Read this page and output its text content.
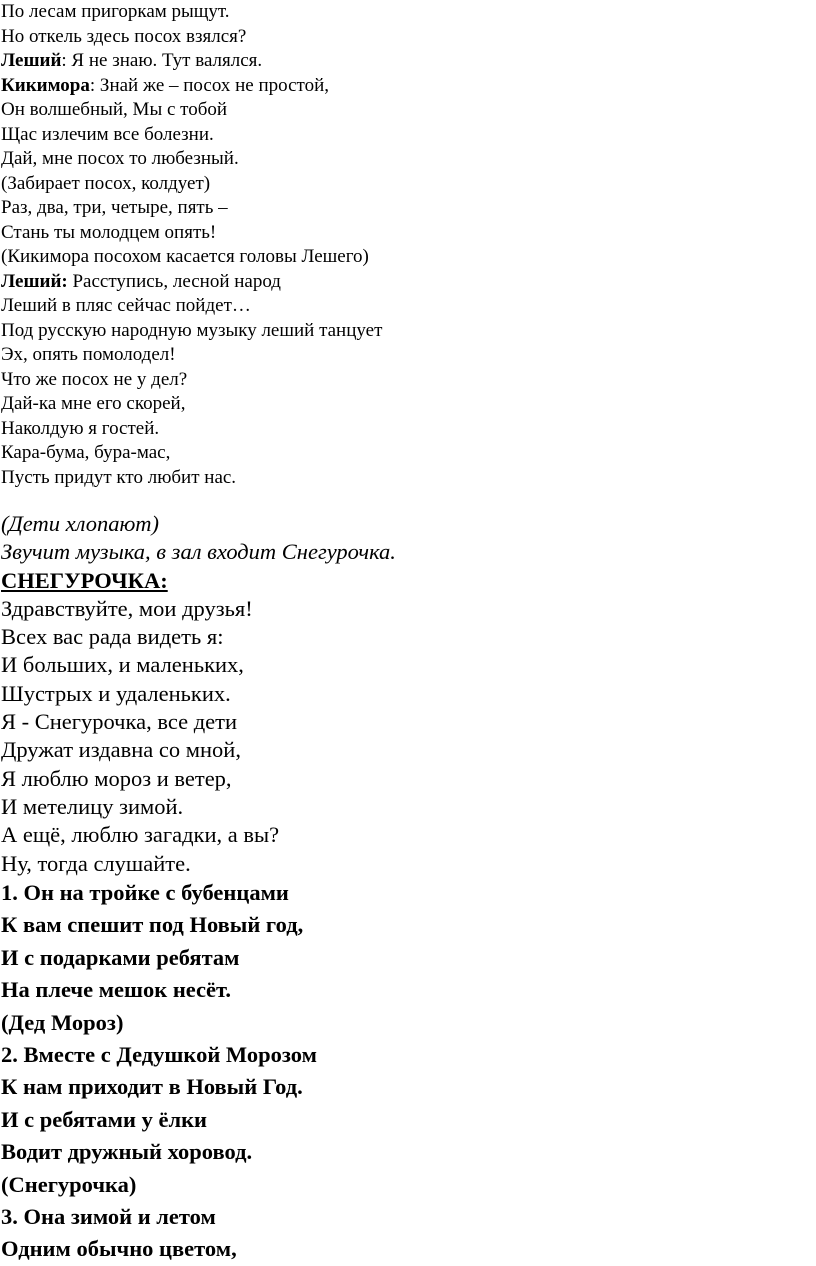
По лесам пригоркам рыщут.
Но откель здесь посох взялся?
Леший: Я не знаю. Тут валялся.
Кикимора: Знай же – посох не простой,
Он волшебный, Мы с тобой
Щас излечим все болезни.
Дай, мне посох то любезный.
(Забирает посох, колдует)
Раз, два, три, четыре, пять –
Стань ты молодцем опять!
(Кикимора посохом касается головы Лешего)
Леший: Расступись, лесной народ
Леший в пляс сейчас пойдет…
Под русскую народную музыку леший танцует
Эх, опять помолодел!
Что же посох не у дел?
Дай-ка мне его скорей,
Наколдую я гостей.
Кара-бума, бура-мас,
Пусть придут кто любит нас.
(Дети хлопают)
Звучит музыка, в зал входит Снегурочка.
СНЕГУРОЧКА:
Здравствуйте, мои друзья!
Всех вас рада видеть я:
И больших, и маленьких,
Шустрых и удаленьких.
Я - Снегурочка, все дети
Дружат издавна со мной,
Я люблю мороз и ветер,
И метелицу зимой.
А ещё, люблю загадки, а вы?
Ну, тогда слушайте.
1. Он на тройке с бубенцами
К вам спешит под Новый год,
И с подарками ребятам
На плече мешок несёт.
(Дед Мороз)
2. Вместе с Дедушкой Морозом
К нам приходит в Новый Год.
И с ребятами у ёлки
Водит дружный хоровод.
(Снегурочка)
3. Она зимой и летом
Одним обычно цветом,
